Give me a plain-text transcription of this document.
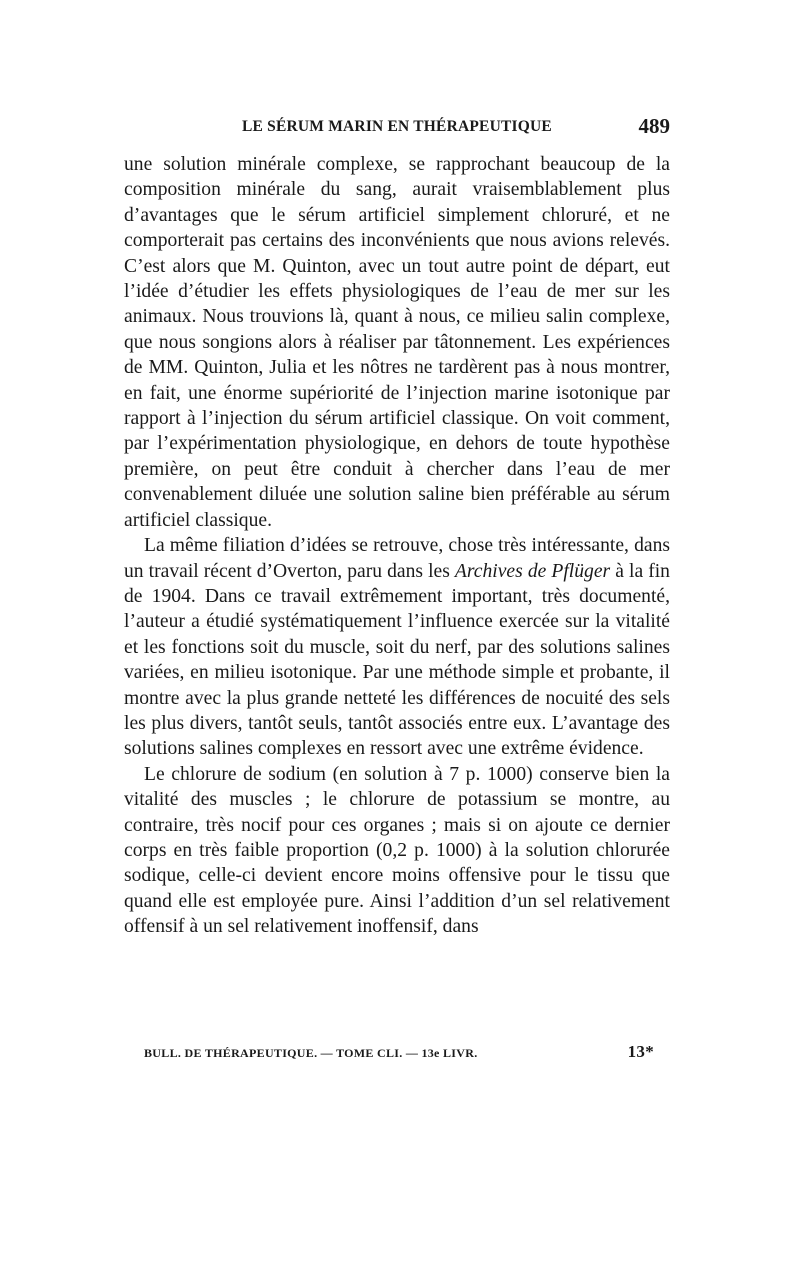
LE SÉRUM MARIN EN THÉRAPEUTIQUE	489

une solution minérale complexe, se rapprochant beaucoup de la composition minérale du sang, aurait vraisemblablement plus d’avantages que le sérum artificiel simplement chloruré, et ne comporterait pas certains des inconvénients que nous avions relevés. C’est alors que M. Quinton, avec un tout autre point de départ, eut l’idée d’étudier les effets physiologiques de l’eau de mer sur les animaux. Nous trouvions là, quant à nous, ce milieu salin complexe, que nous songions alors à réaliser par tâtonnement. Les expériences de MM. Quinton, Julia et les nôtres ne tardèrent pas à nous montrer, en fait, une énorme supériorité de l’injection marine isotonique par rapport à l’injection du sérum artificiel classique. On voit comment, par l’expérimentation physiologique, en dehors de toute hypothèse première, on peut être conduit à chercher dans l’eau de mer convenablement diluée une solution saline bien préférable au sérum artificiel classique.

La même filiation d’idées se retrouve, chose très intéressante, dans un travail récent d’Overton, paru dans les Archives de Pflüger à la fin de 1904. Dans ce travail extrêmement important, très documenté, l’auteur a étudié systématiquement l’influence exercée sur la vitalité et les fonctions soit du muscle, soit du nerf, par des solutions salines variées, en milieu isotonique. Par une méthode simple et probante, il montre avec la plus grande netteté les différences de nocuité des sels les plus divers, tantôt seuls, tantôt associés entre eux. L’avantage des solutions salines complexes en ressort avec une extrême évidence.

Le chlorure de sodium (en solution à 7 p. 1000) conserve bien la vitalité des muscles ; le chlorure de potassium se montre, au contraire, très nocif pour ces organes ; mais si on ajoute ce dernier corps en très faible proportion (0,2 p. 1000) à la solution chlorurée sodique, celle-ci devient encore moins offensive pour le tissu que quand elle est employée pure. Ainsi l’addition d’un sel relativement offensif à un sel relativement inoffensif, dans

BULL. DE THÉRAPEUTIQUE. — TOME CLI. — 13e LIVR.	13*
